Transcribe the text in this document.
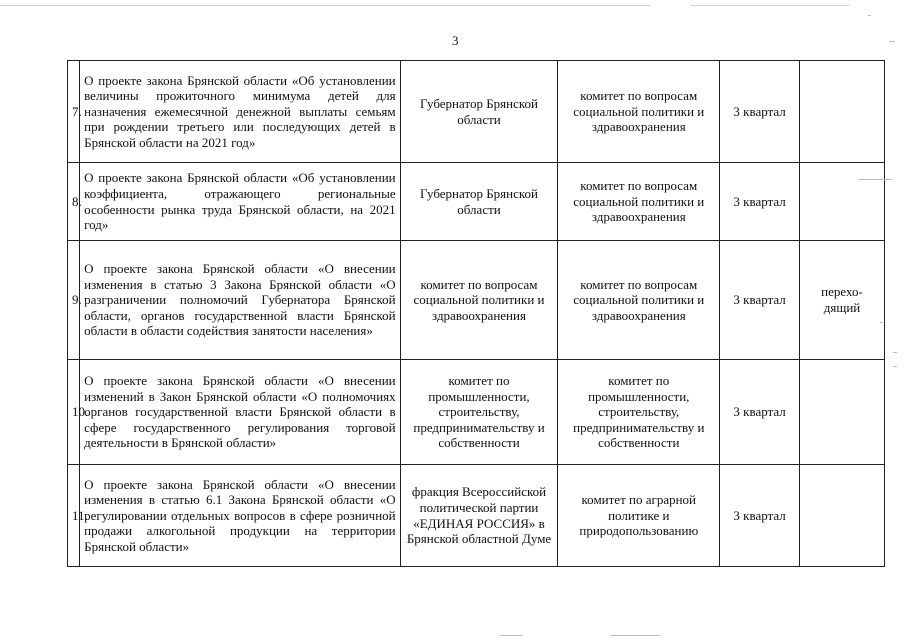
3
7.	О проекте закона Брянской области «Об установлении величины прожиточного минимума детей для назначения ежемесячной денежной выплаты семьям при рождении третьего или последующих детей в Брянской области на 2021 год»	Губернатор Брянской области	комитет по вопросам социальной политики и здравоохранения	3 квартал	
8.	О проекте закона Брянской области «Об установлении коэффициента, отражающего региональные особенности рынка труда Брянской области, на 2021 год»	Губернатор Брянской области	комитет по вопросам социальной политики и здравоохранения	3 квартал	
9.	О проекте закона Брянской области «О внесении изменения в статью 3 Закона Брянской области «О разграничении полномочий Губернатора Брянской области, органов государственной власти Брянской области в области содействия занятости населения»	комитет по вопросам социальной политики и здравоохранения	комитет по вопросам социальной политики и здравоохранения	3 квартал	перехо-дящий
10.	О проекте закона Брянской области «О внесении изменений в Закон Брянской области «О полномочиях органов государственной власти Брянской области в сфере государственного регулирования торговой деятельности в Брянской области»	комитет по промышленности, строительству, предпринимательству и собственности	комитет по промышленности, строительству, предпринимательству и собственности	3 квартал	
11.	О проекте закона Брянской области «О внесении изменения в статью 6.1 Закона Брянской области «О регулировании отдельных вопросов в сфере розничной продажи алкогольной продукции на территории Брянской области»	фракция Всероссийской политической партии «ЕДИНАЯ РОССИЯ» в Брянской областной Думе	комитет по аграрной политике и природопользованию	3 квартал	
